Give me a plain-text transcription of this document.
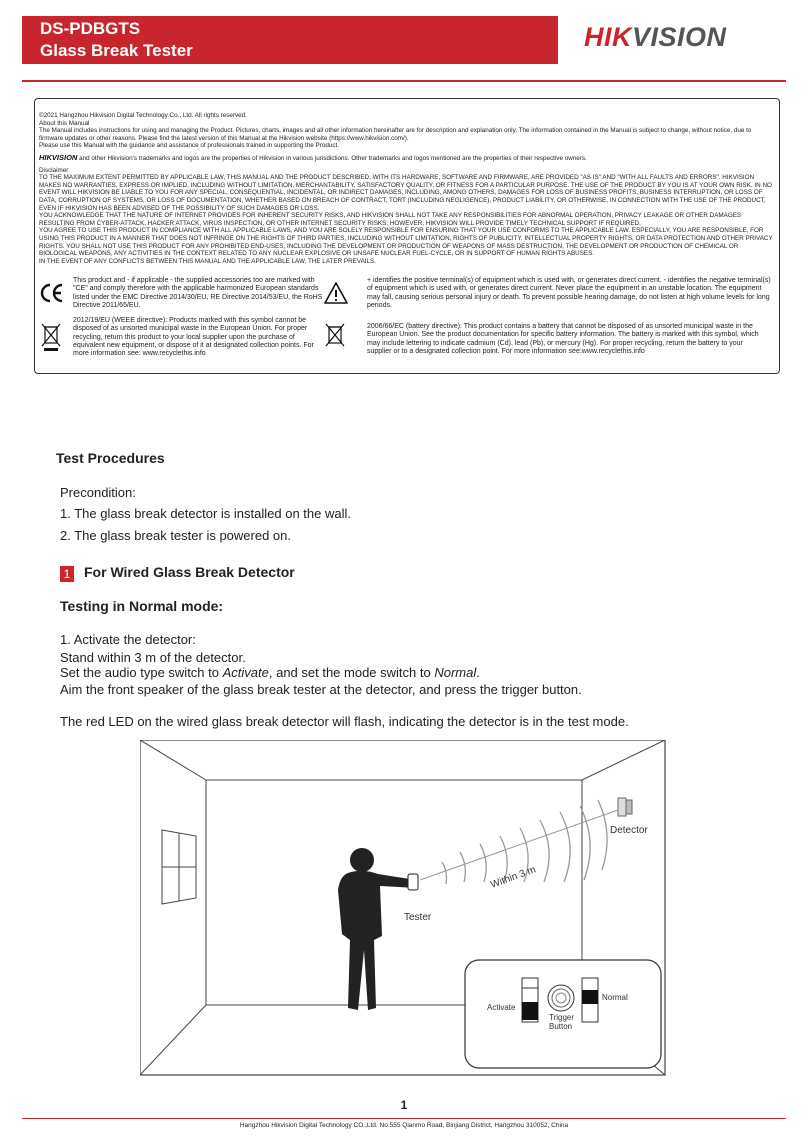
DS-PDBGTS
Glass Break Tester	HIKVISION

©2021 Hangzhou Hikvision Digital Technology Co., Ltd. All rights reserved.

About this Manual

The Manual includes instructions for using and managing the Product. Pictures, charts, images and all other information hereinafter are for description and explanation only. The information contained in the Manual is subject to change, without notice, due to firmware updates or other reasons. Please find the latest version of this Manual at the Hikvision website (https://www.hikvision.com/).

Please use this Manual with the guidance and assistance of professionals trained in supporting the Product.

HIKVISION and other Hikvision's trademarks and logos are the properties of Hikvision in various jurisdictions. Other trademarks and logos mentioned are the properties of their respective owners.

Disclaimer

TO THE MAXIMUM EXTENT PERMITTED BY APPLICABLE LAW, THIS MANUAL AND THE PRODUCT DESCRIBED, WITH ITS HARDWARE, SOFTWARE AND FIRMWARE, ARE PROVIDED "AS IS" AND "WITH ALL FAULTS AND ERRORS". HIKVISION MAKES NO WARRANTIES, EXPRESS OR IMPLIED, INCLUDING WITHOUT LIMITATION, MERCHANTABILITY, SATISFACTORY QUALITY, OR FITNESS FOR A PARTICULAR PURPOSE. THE USE OF THE PRODUCT BY YOU IS AT YOUR OWN RISK. IN NO EVENT WILL HIKVISION BE LIABLE TO YOU FOR ANY SPECIAL, CONSEQUENTIAL, INCIDENTAL, OR INDIRECT DAMAGES, INCLUDING, AMONG OTHERS, DAMAGES FOR LOSS OF BUSINESS PROFITS, BUSINESS INTERRUPTION, OR LOSS OF DATA, CORRUPTION OF SYSTEMS, OR LOSS OF DOCUMENTATION, WHETHER BASED ON BREACH OF CONTRACT, TORT (INCLUDING NEGLIGENCE), PRODUCT LIABILITY, OR OTHERWISE, IN CONNECTION WITH THE USE OF THE PRODUCT, EVEN IF HIKVISION HAS BEEN ADVISED OF THE POSSIBILITY OF SUCH DAMAGES OR LOSS.

YOU ACKNOWLEDGE THAT THE NATURE OF INTERNET PROVIDES FOR INHERENT SECURITY RISKS, AND HIKVISION SHALL NOT TAKE ANY RESPONSIBILITIES FOR ABNORMAL OPERATION, PRIVACY LEAKAGE OR OTHER DAMAGES RESULTING FROM CYBER-ATTACK, HACKER ATTACK, VIRUS INSPECTION, OR OTHER INTERNET SECURITY RISKS; HOWEVER, HIKVISION WILL PROVIDE TIMELY TECHNICAL SUPPORT IF REQUIRED.

YOU AGREE TO USE THIS PRODUCT IN COMPLIANCE WITH ALL APPLICABLE LAWS, AND YOU ARE SOLELY RESPONSIBLE FOR ENSURING THAT YOUR USE CONFORMS TO THE APPLICABLE LAW. ESPECIALLY, YOU ARE RESPONSIBLE, FOR USING THIS PRODUCT IN A MANNER THAT DOES NOT INFRINGE ON THE RIGHTS OF THIRD PARTIES, INCLUDING WITHOUT LIMITATION, RIGHTS OF PUBLICITY, INTELLECTUAL PROPERTY RIGHTS, OR DATA PROTECTION AND OTHER PRIVACY RIGHTS. YOU SHALL NOT USE THIS PRODUCT FOR ANY PROHIBITED END-USES, INCLUDING THE DEVELOPMENT OR PRODUCTION OF WEAPONS OF MASS DESTRUCTION, THE DEVELOPMENT OR PRODUCTION OF CHEMICAL OR BIOLOGICAL WEAPONS, ANY ACTIVITIES IN THE CONTEXT RELATED TO ANY NUCLEAR EXPLOSIVE OR UNSAFE NUCLEAR FUEL-CYCLE, OR IN SUPPORT OF HUMAN RIGHTS ABUSES.

IN THE EVENT OF ANY CONFLICTS BETWEEN THIS MANUAL AND THE APPLICABLE LAW, THE LATER PREVAILS.

This product and - if applicable - the supplied accessories too are marked with "CE" and comply therefore with the applicable harmonized European standards listed under the EMC Directive 2014/30/EU, RE Directive 2014/53/EU, the RoHS Directive 2011/65/EU.
2012/19/EU (WEEE directive): Products marked with this symbol cannot be disposed of as unsorted municipal waste in the European Union. For proper recycling, return this product to your local supplier upon the purchase of equivalent new equipment, or dispose of it at designated collection points. For more information see: www.recyclethis.info
+ identifies the positive terminal(s) of equipment which is used with, or generates direct current. - identifies the negative terminal(s) of equipment which is used with, or generates direct current. Never place the equipment in an unstable location. The equipment may fall, causing serious personal injury or death. To prevent possible hearing damage, do not listen at high volume levels for long periods.
2006/66/EC (battery directive): This product contains a battery that cannot be disposed of as unsorted municipal waste in the European Union. See the product documentation for specific battery information. The battery is marked with this symbol, which may include lettering to indicate cadmium (Cd), lead (Pb), or mercury (Hg). For proper recycling, return the battery to your supplier or to a designated collection point. For more information see:www.recyclethis.info
Test Procedures
Precondition:
1. The glass break detector is installed on the wall.
2. The glass break tester is powered on.
1 For Wired Glass Break Detector
Testing in Normal mode:
1. Activate the detector:
Stand within 3 m of the detector.
Set the audio type switch to Activate, and set the mode switch to Normal.
Aim the front speaker of the glass break tester at the detector, and press the trigger button.
The red LED on the wired glass break detector will flash, indicating the detector is in the test mode.
Detector
Tester
Within 3 m
Activate
Normal
Trigger
Button
1
Hangzhou Hikvision Digital Technology CO.,Ltd. No.555 Qianmo Road, Binjiang District, Hangzhou 310052, China
